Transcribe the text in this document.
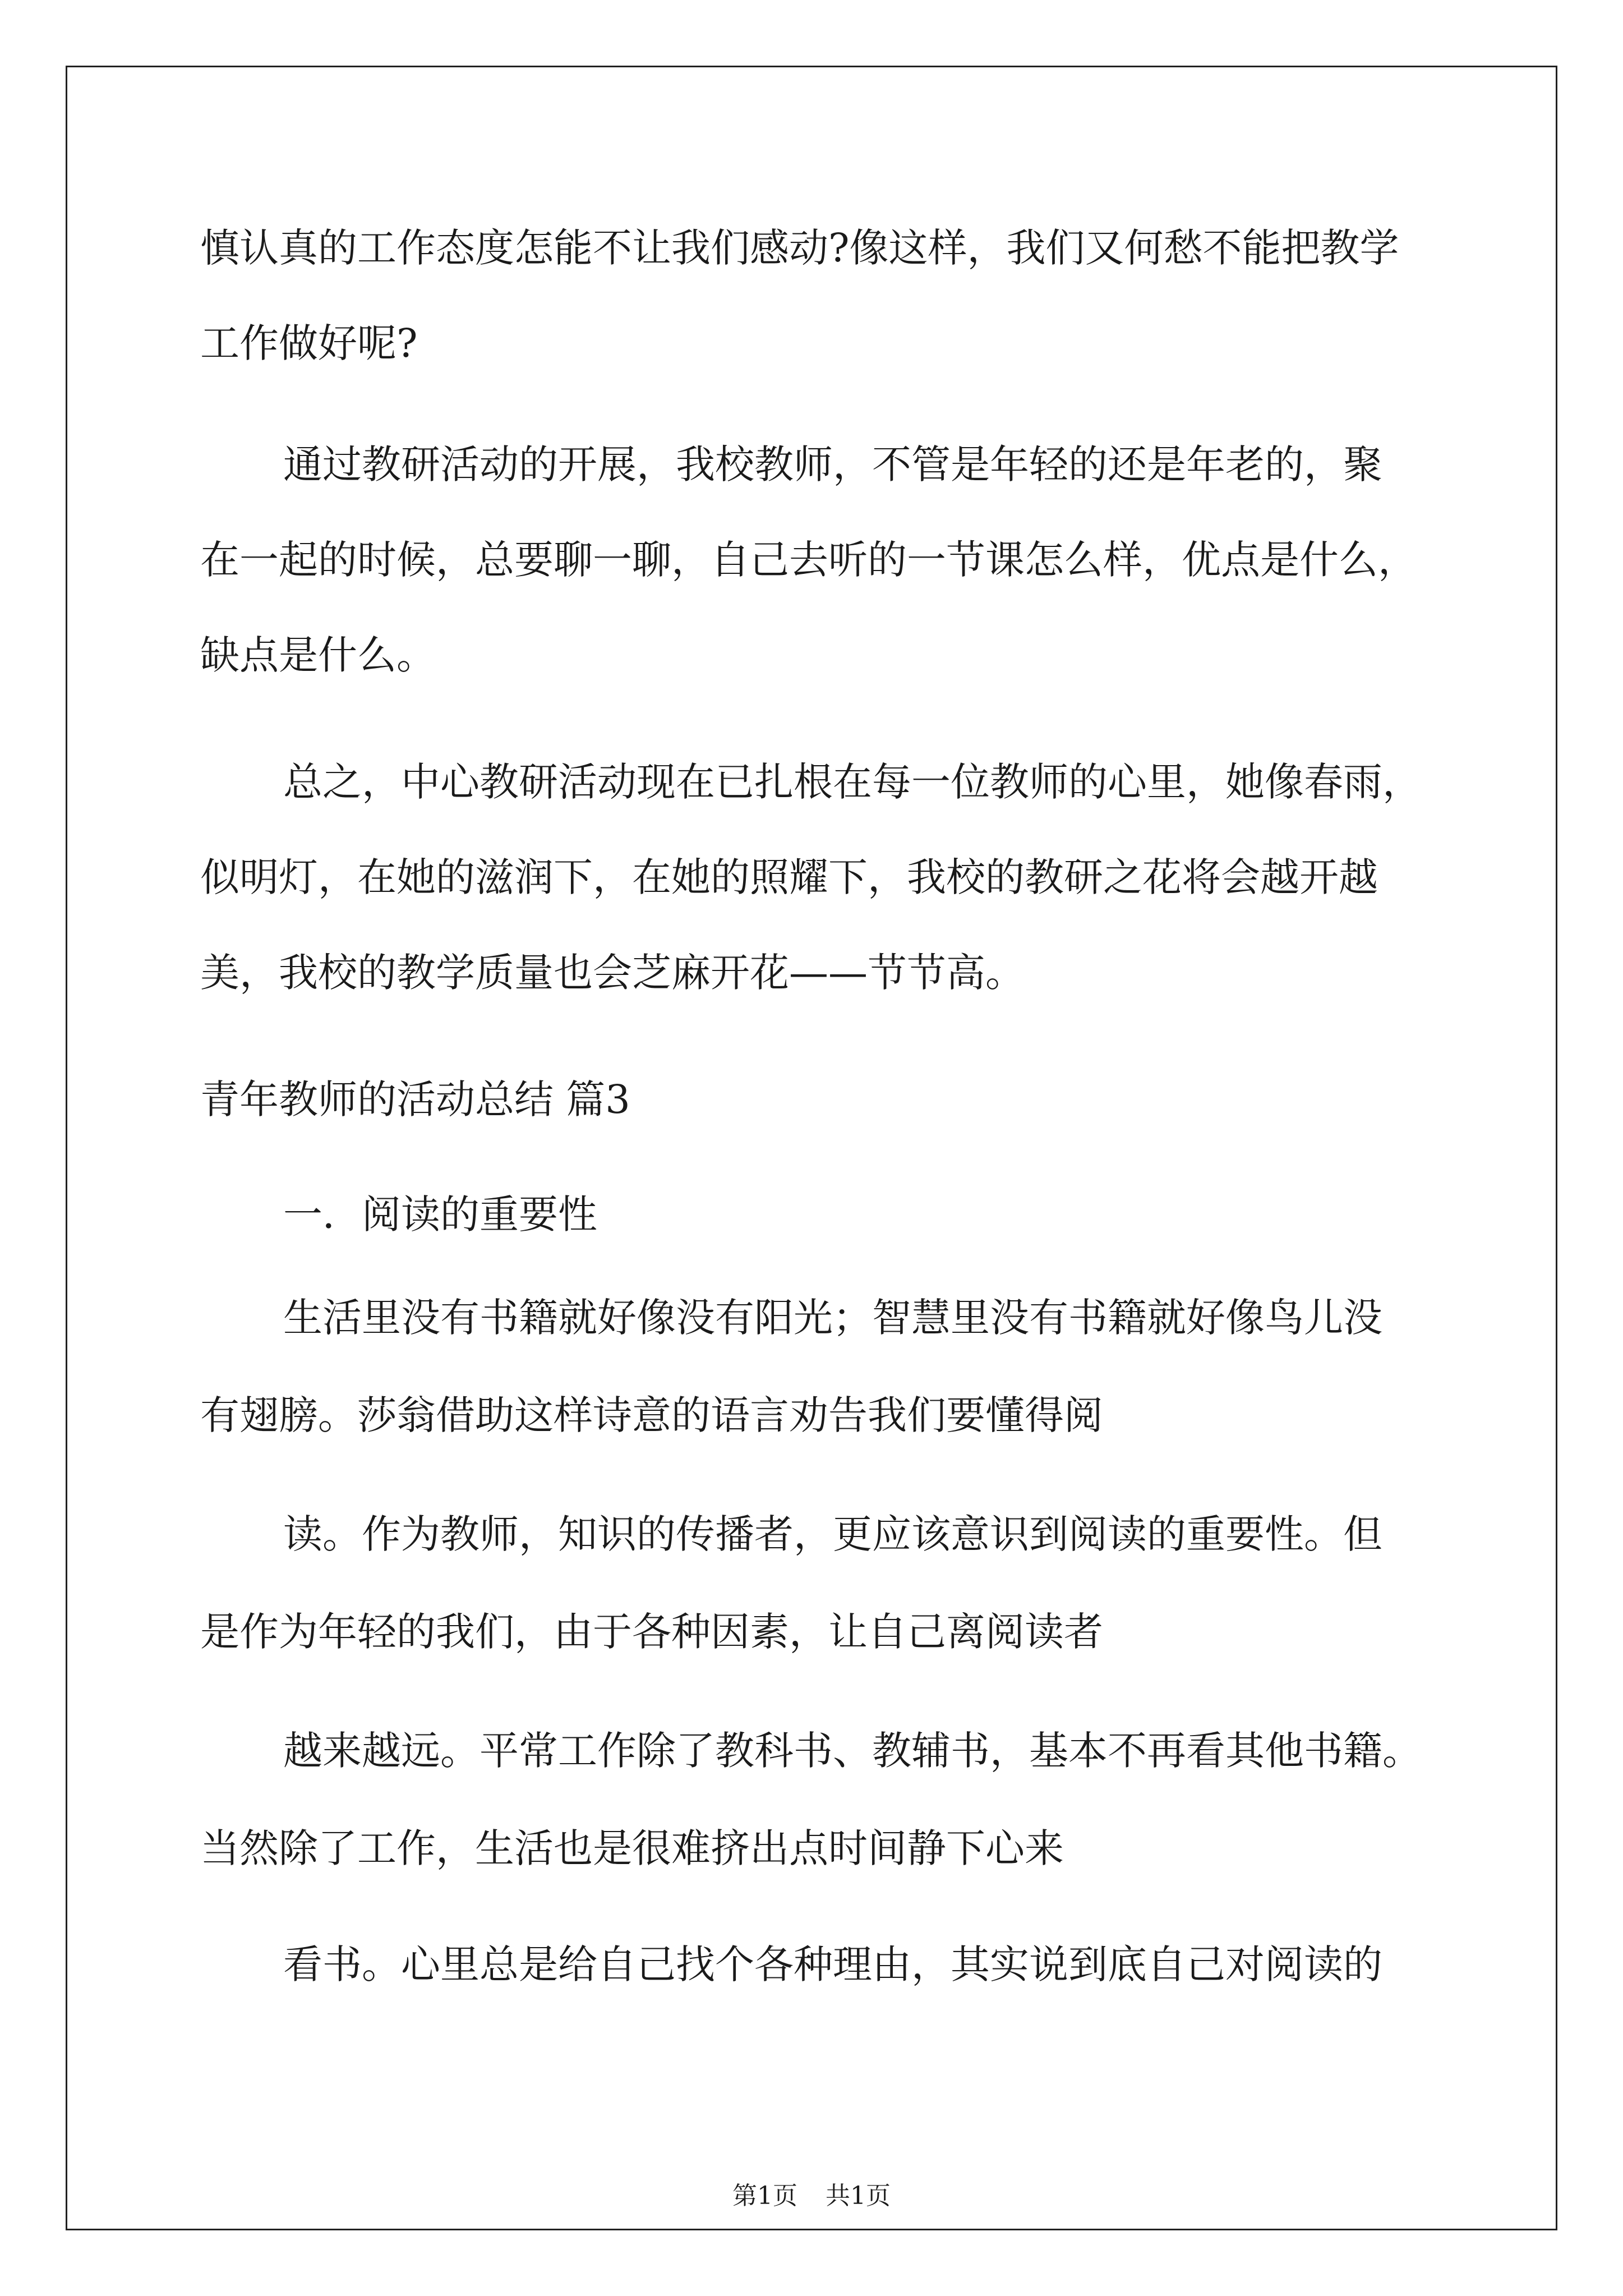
慎认真的工作态度怎能不让我们感动?像这样，我们又何愁不能把教学
工作做好呢?
通过教研活动的开展，我校教师，不管是年轻的还是年老的，聚
在一起的时候，总要聊一聊，自己去听的一节课怎么样，优点是什么，
缺点是什么。
总之，中心教研活动现在已扎根在每一位教师的心里，她像春雨，
似明灯，在她的滋润下，在她的照耀下，我校的教研之花将会越开越
美，我校的教学质量也会芝麻开花——节节高。
青年教师的活动总结 篇3
一．阅读的重要性
生活里没有书籍就好像没有阳光；智慧里没有书籍就好像鸟儿没
有翅膀。莎翁借助这样诗意的语言劝告我们要懂得阅
读。作为教师，知识的传播者，更应该意识到阅读的重要性。但
是作为年轻的我们，由于各种因素，让自己离阅读者
越来越远。平常工作除了教科书、教辅书，基本不再看其他书籍。
当然除了工作，生活也是很难挤出点时间静下心来
看书。心里总是给自己找个各种理由，其实说到底自己对阅读的
第1页 共1页
